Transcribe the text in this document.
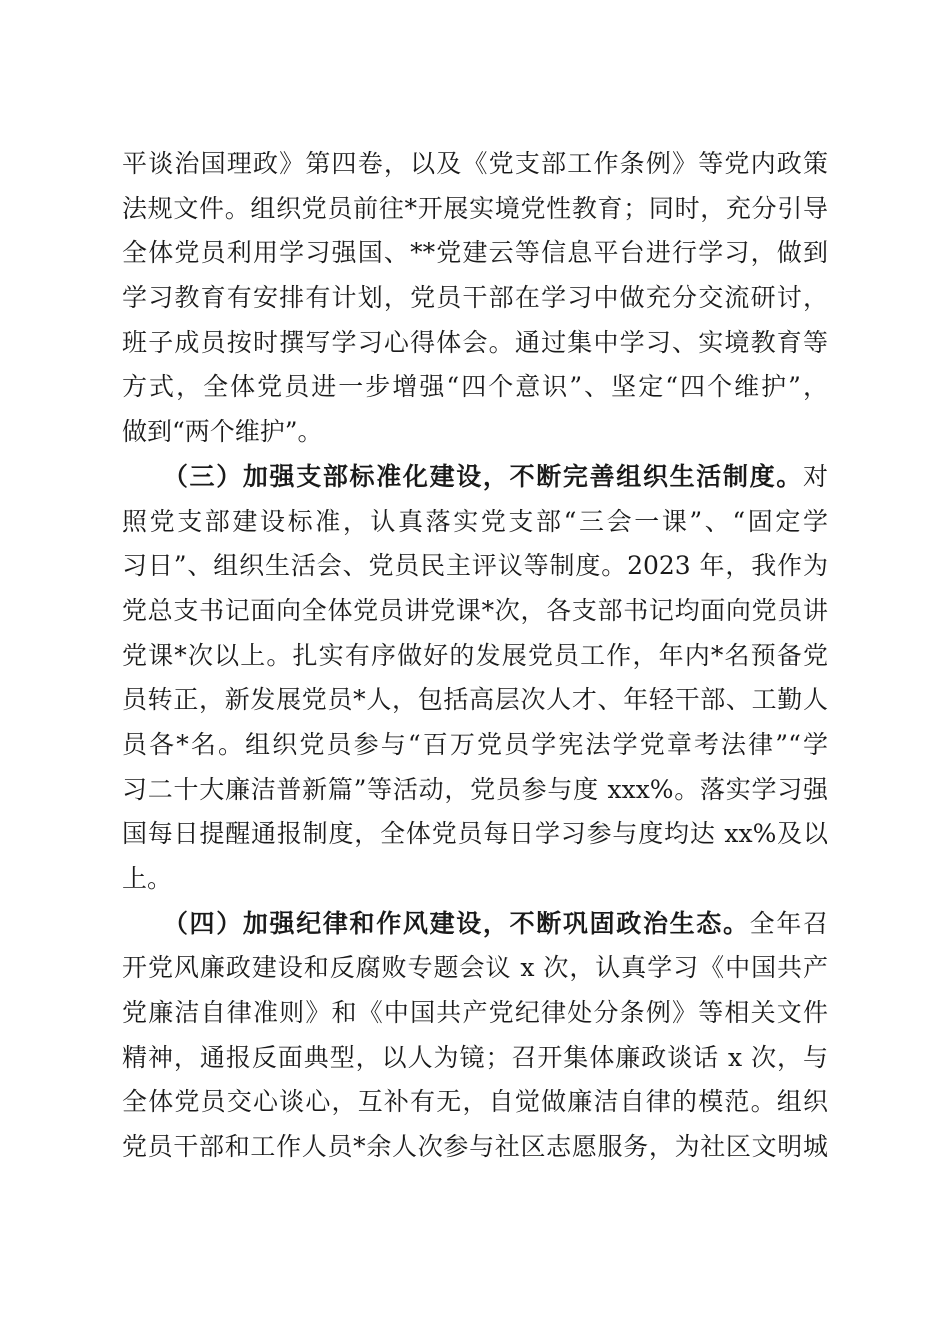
平谈治国理政》第四卷，以及《党支部工作条例》等党内政策
法规文件。组织党员前往*开展实境党性教育；同时，充分引导
全体党员利用学习强国、**党建云等信息平台进行学习，做到
学习教育有安排有计划，党员干部在学习中做充分交流研讨，
班子成员按时撰写学习心得体会。通过集中学习、实境教育等
方式，全体党员进一步增强“四个意识”、坚定“四个维护”，
做到“两个维护”。
　　（三）加强支部标准化建设，不断完善组织生活制度。对
照党支部建设标准，认真落实党支部“三会一课”、“固定学
习日”、组织生活会、党员民主评议等制度。2023 年，我作为
党总支书记面向全体党员讲党课*次，各支部书记均面向党员讲
党课*次以上。扎实有序做好的发展党员工作，年内*名预备党
员转正，新发展党员*人，包括高层次人才、年轻干部、工勤人
员各*名。组织党员参与“百万党员学宪法学党章考法律”“学
习二十大廉洁普新篇”等活动，党员参与度 xxx%。落实学习强
国每日提醒通报制度，全体党员每日学习参与度均达 xx%及以
上。
　　（四）加强纪律和作风建设，不断巩固政治生态。全年召
开党风廉政建设和反腐败专题会议 x 次，认真学习《中国共产
党廉洁自律准则》和《中国共产党纪律处分条例》等相关文件
精神，通报反面典型，以人为镜；召开集体廉政谈话 x 次，与
全体党员交心谈心，互补有无，自觉做廉洁自律的模范。组织
党员干部和工作人员*余人次参与社区志愿服务，为社区文明城
